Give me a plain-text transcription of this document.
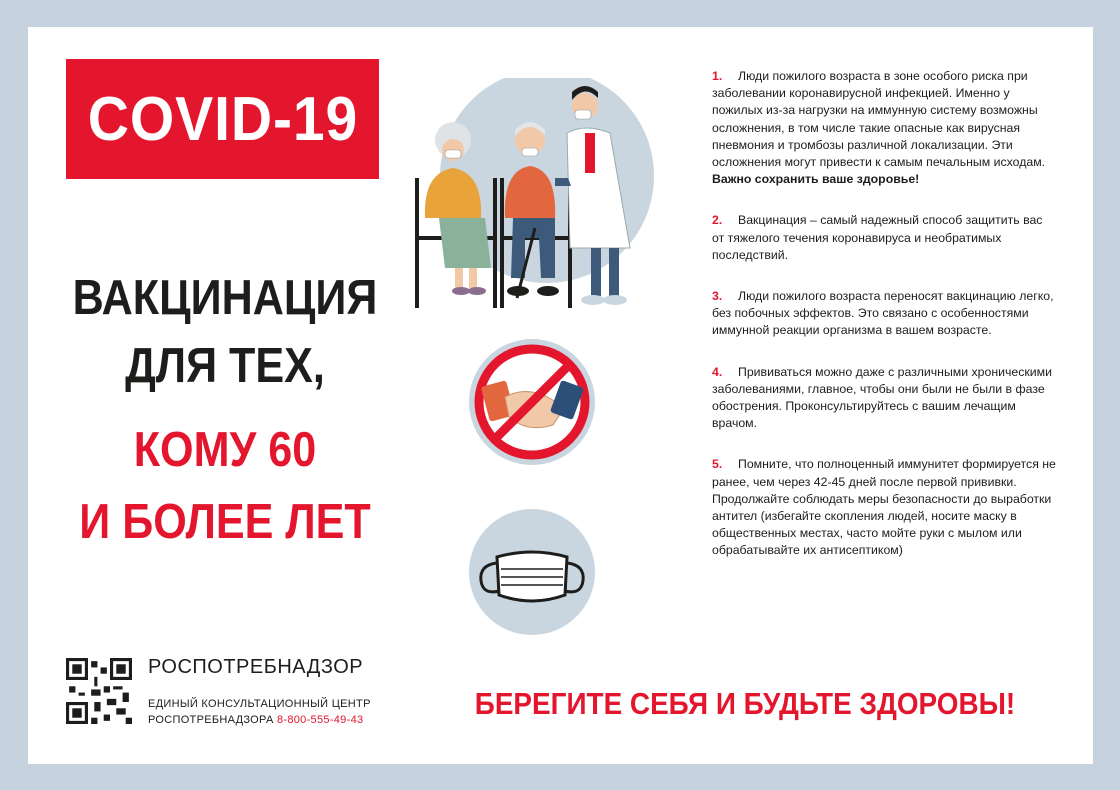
COVID-19
ВАКЦИНАЦИЯ
ДЛЯ ТЕХ,
КОМУ 60
И БОЛЕЕ ЛЕТ
1. Люди пожилого возраста в зоне особого риска при заболевании коронавирусной инфекцией. Именно у пожилых из-за нагрузки на иммунную систему возможны осложнения, в том числе такие опасные как вирусная пневмония и тромбозы различной локализации. Эти осложнения могут привести к самым печальным исходам. Важно сохранить ваше здоровье!
2. Вакцинация – самый надежный способ защитить вас от тяжелого течения коронавируса и необратимых последствий.
3. Люди пожилого возраста переносят вакцинацию легко, без побочных эффектов. Это связано с особенностями иммунной реакции организма в вашем возрасте.
4. Прививаться можно даже с различными хроническими заболеваниями, главное, чтобы они были не были в фазе обострения. Проконсультируйтесь с вашим лечащим врачом.
5. Помните, что полноценный иммунитет формируется не ранее, чем через 42-45 дней после первой прививки. Продолжайте соблюдать меры безопасности до выработки антител (избегайте скопления людей, носите маску в общественных местах, часто мойте руки с мылом или обрабатывайте их антисептиком)
РОСПОТРЕБНАДЗОР
ЕДИНЫЙ КОНСУЛЬТАЦИОННЫЙ ЦЕНТР
РОСПОТРЕБНАДЗОРА 8-800-555-49-43	БЕРЕГИТЕ СЕБЯ И БУДЬТЕ ЗДОРОВЫ!
